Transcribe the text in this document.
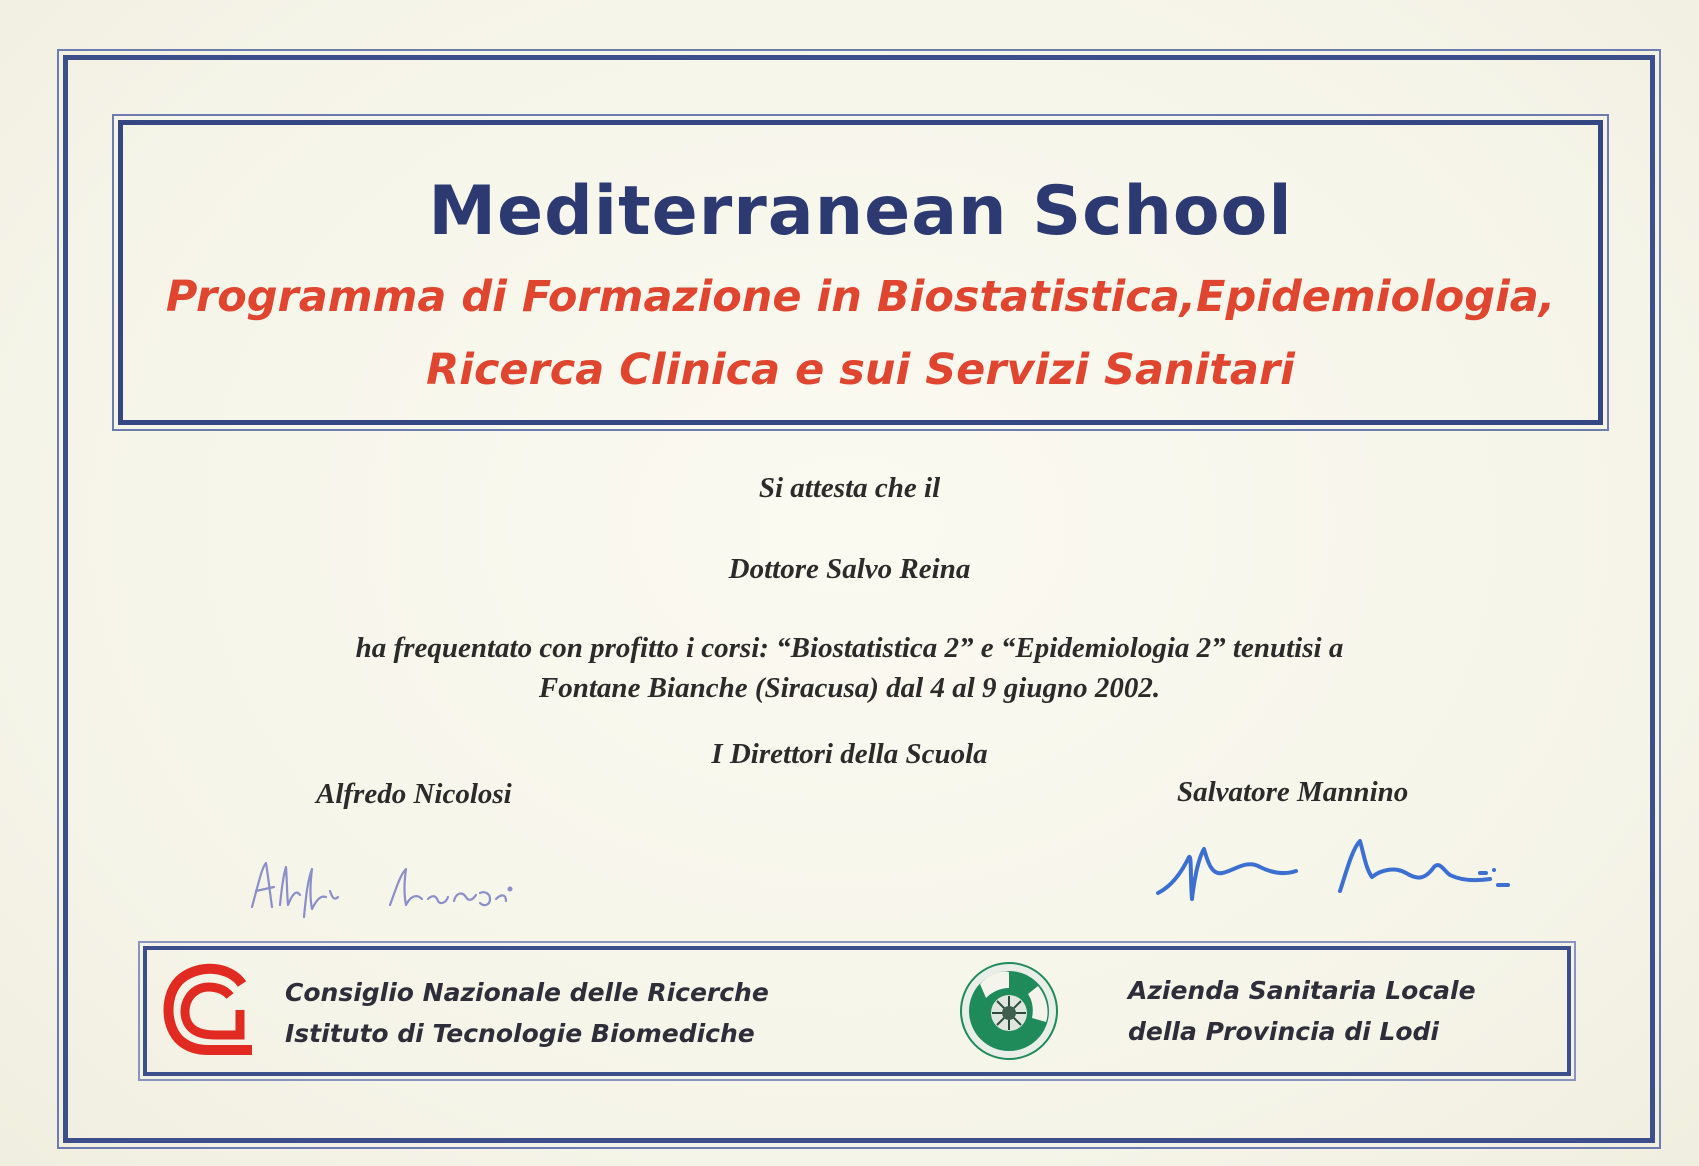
Mediterranean School
Programma di Formazione in Biostatistica,Epidemiologia,
Ricerca Clinica e sui Servizi Sanitari
Si attesta che il
Dottore Salvo Reina
ha frequentato con profitto i corsi: “Biostatistica 2” e “Epidemiologia 2” tenutisi a
Fontane Bianche (Siracusa) dal 4 al 9 giugno 2002.
I Direttori della Scuola
Alfredo Nicolosi	Salvatore Mannino
Consiglio Nazionale delle Ricerche
Istituto di Tecnologie Biomediche
Azienda Sanitaria Locale
della Provincia di Lodi
